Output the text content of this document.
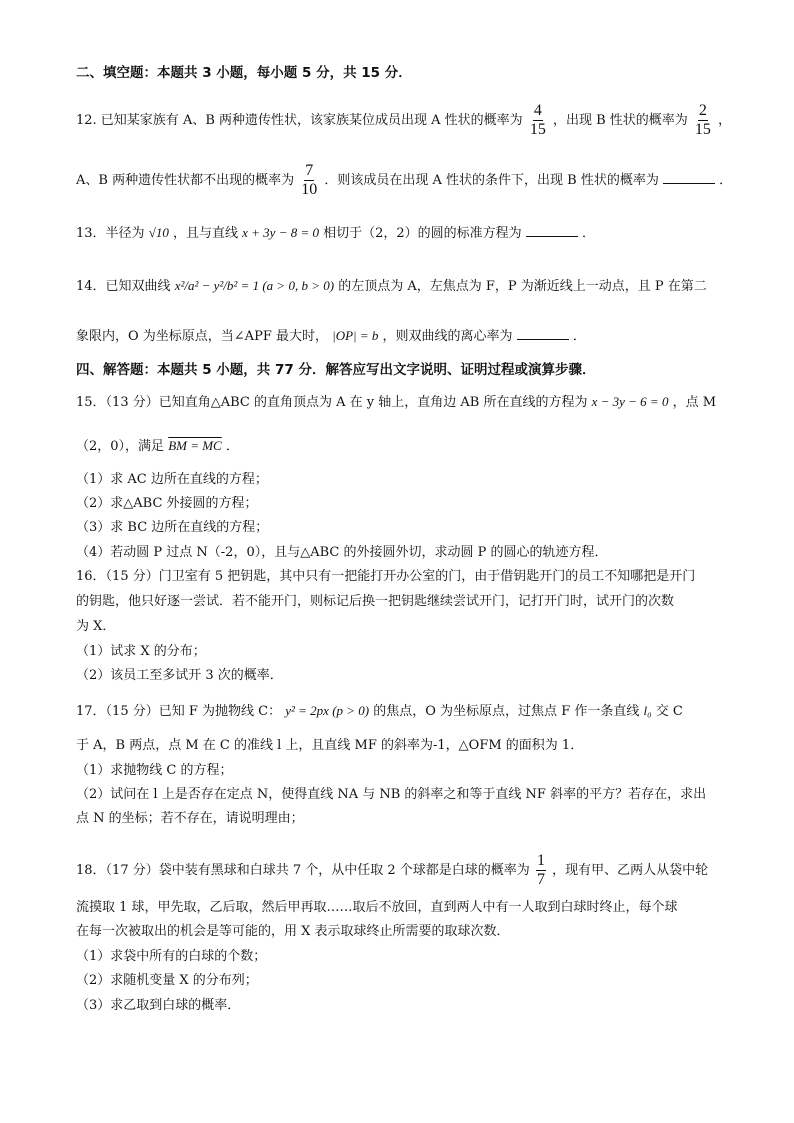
二、填空题：本题共 3 小题，每小题 5 分，共 15 分．
12. 已知某家族有 A、B 两种遗传性状，该家族某位成员出现 A 性状的概率为 $\frac{4}{15}$ ，出现 B 性状的概率为 $\frac{2}{15}$ ，
A、B 两种遗传性状都不出现的概率为 $\frac{7}{10}$ ．则该成员在出现 A 性状的条件下，出现 B 性状的概率为	．
13．半径为 √10 ，且与直线 x + 3y − 8 = 0 相切于（2，2）的圆的标准方程为	．
14．已知双曲线 x²/a² − y²/b² = 1 (a > 0, b > 0) 的左顶点为 A，左焦点为 F，P 为渐近线上一动点，且 P 在第二
象限内，O 为坐标原点，当∠APF 最大时， |OP| = b ，则双曲线的离心率为	．
四、解答题：本题共 5 小题，共 77 分．解答应写出文字说明、证明过程或演算步骤．
15．（13 分）已知直角△ABC 的直角顶点为 A 在 y 轴上，直角边 AB 所在直线的方程为 x − 3y − 6 = 0 ，点 M
（2，0），满足 BM = MC ．
（1）求 AC 边所在直线的方程；
（2）求△ABC 外接圆的方程；
（3）求 BC 边所在直线的方程；
（4）若动圆 P 过点 N（-2，0），且与△ABC 的外接圆外切，求动圆 P 的圆心的轨迹方程．
16．（15 分）门卫室有 5 把钥匙，其中只有一把能打开办公室的门，由于借钥匙开门的员工不知哪把是开门
的钥匙，他只好逐一尝试．若不能开门，则标记后换一把钥匙继续尝试开门，记打开门时，试开门的次数
为 X．
（1）试求 X 的分布；
（2）该员工至多试开 3 次的概率．
17．（15 分）已知 F 为抛物线 C： y² = 2px (p > 0) 的焦点，O 为坐标原点，过焦点 F 作一条直线 l₀ 交 C
于 A，B 两点，点 M 在 C 的准线 l 上，且直线 MF 的斜率为-1，△OFM 的面积为 1．
（1）求抛物线 C 的方程；
（2）试问在 l 上是否存在定点 N，使得直线 NA 与 NB 的斜率之和等于直线 NF 斜率的平方？若存在，求出
点 N 的坐标；若不存在，请说明理由；
18．（17 分）袋中装有黑球和白球共 7 个，从中任取 2 个球都是白球的概率为 $\frac{1}{7}$ ，现有甲、乙两人从袋中轮
流摸取 1 球，甲先取，乙后取，然后甲再取……取后不放回，直到两人中有一人取到白球时终止，每个球
在每一次被取出的机会是等可能的，用 X 表示取球终止所需要的取球次数．
（1）求袋中所有的白球的个数；
（2）求随机变量 X 的分布列；
（3）求乙取到白球的概率．
